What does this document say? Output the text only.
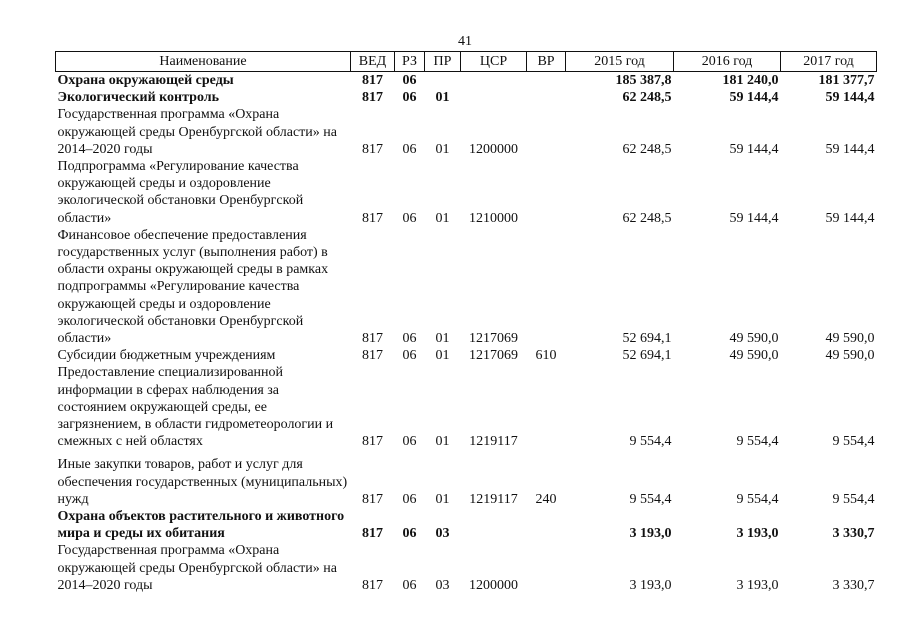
41
Наименование	ВЕД	РЗ	ПР	ЦСР	ВР	2015 год	2016 год	2017 год
Охрана окружающей среды	817	06				185 387,8	181 240,0	181 377,7
Экологический контроль	817	06	01			62 248,5	59 144,4	59 144,4
Государственная программа «Охрана окружающей среды Оренбургской области» на 2014–2020 годы	817	06	01	1200000		62 248,5	59 144,4	59 144,4
Подпрограмма «Регулирование качества окружающей среды и оздоровление экологической обстановки Оренбургской области»	817	06	01	1210000		62 248,5	59 144,4	59 144,4
Финансовое обеспечение предоставления государственных услуг (выполнения работ) в области охраны окружающей среды в рамках подпрограммы «Регулирование качества окружающей среды и оздоровление экологической обстановки Оренбургской области»	817	06	01	1217069		52 694,1	49 590,0	49 590,0
Субсидии бюджетным учреждениям	817	06	01	1217069	610	52 694,1	49 590,0	49 590,0
Предоставление специализированной информации в сферах наблюдения за состоянием окружающей среды, ее загрязнением, в области гидрометеорологии и смежных с ней областях	817	06	01	1219117		9 554,4	9 554,4	9 554,4
Иные закупки товаров, работ и услуг для обеспечения государственных (муниципальных) нужд	817	06	01	1219117	240	9 554,4	9 554,4	9 554,4
Охрана объектов растительного и животного мира и среды их обитания	817	06	03			3 193,0	3 193,0	3 330,7
Государственная программа «Охрана окружающей среды Оренбургской области» на 2014–2020 годы	817	06	03	1200000		3 193,0	3 193,0	3 330,7
